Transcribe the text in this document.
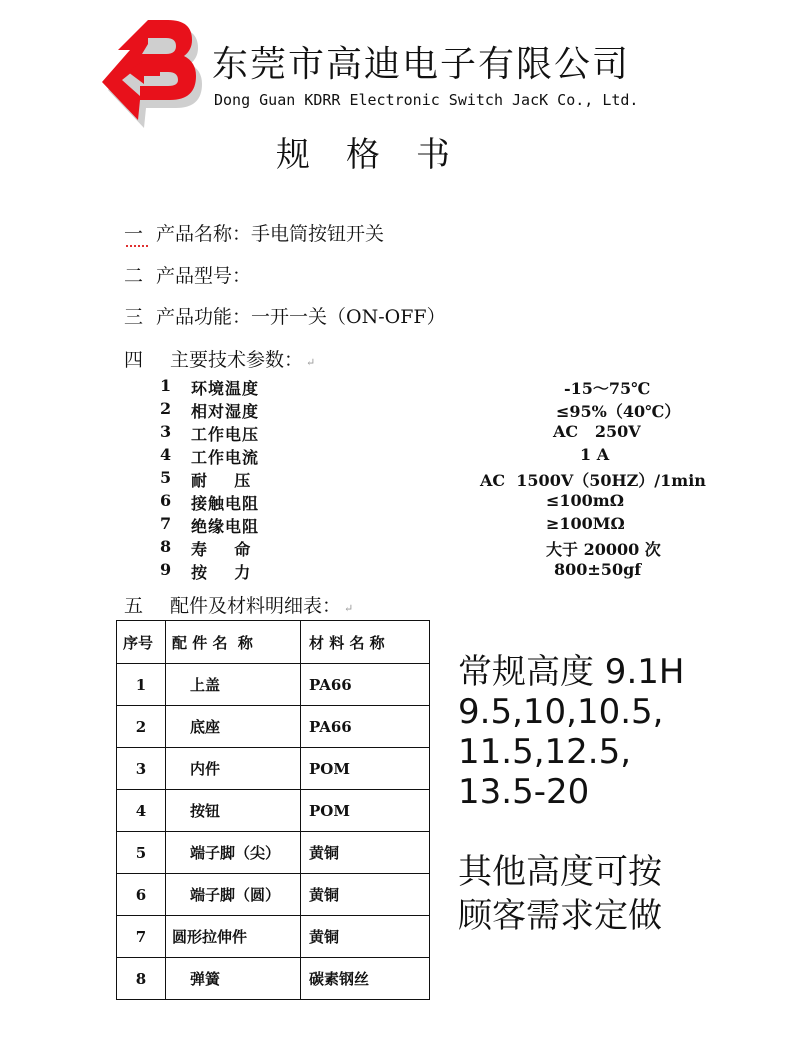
东莞市高迪电子有限公司
Dong Guan KDRR Electronic Switch JacK Co., Ltd.
规格书
一 产品名称：手电筒按钮开关
二 产品型号：
三 产品功能：一开一关（ON-OFF）
四 主要技术参数： ↵
1 环境温度	-15～75℃
2 相对湿度	≤95%（40℃）
3 工作电压	AC   250V
4 工作电流	1 A
5 耐    压	AC  1500V（50HZ）/1min
6 接触电阻	≤100mΩ
7 绝缘电阻	≥100MΩ
8 寿    命	大于 20000 次
9 按    力	800±50gf
五 配件及材料明细表： ↵
序号	配 件 名  称	材 料 名 称
1	上盖	PA66
2	底座	PA66
3	内件	POM
4	按钮	POM
5	端子脚（尖）	黄铜
6	端子脚（圆）	黄铜
7	圆形拉伸件	黄铜
8	弹簧	碳素钢丝
常规高度 9.1H
9.5,10,10.5,
11.5,12.5,
13.5-20
其他高度可按
顾客需求定做
